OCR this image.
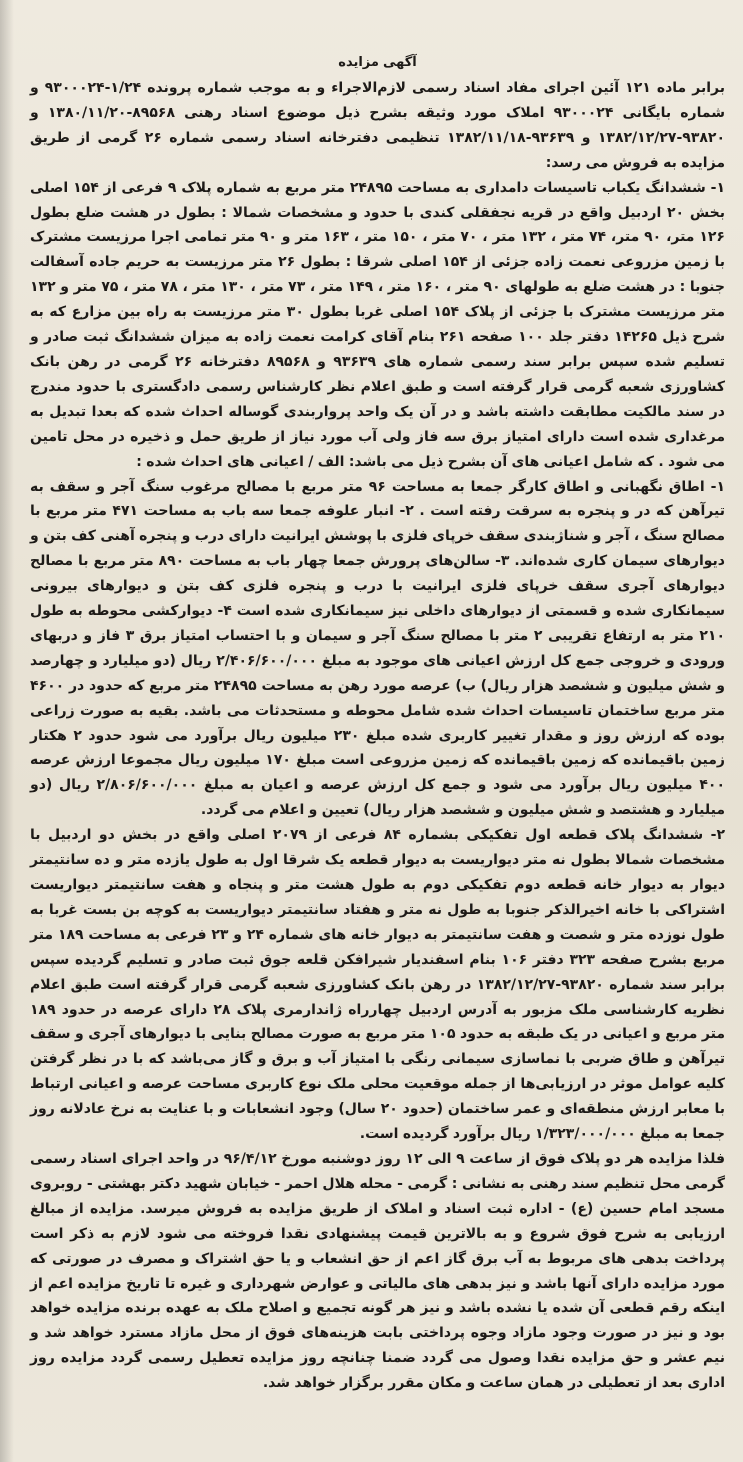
آگهی مزایده

برابر ماده ۱۲۱ آئین اجرای مفاد اسناد رسمی لازم‌الاجراء و به موجب شماره پرونده ۱/۲۴-۹۳۰۰۰۲۴ و شماره بایگانی ۹۳۰۰۰۲۴ املاک مورد وثیقه بشرح ذیل موضوع اسناد رهنی ۸۹۵۶۸-۱۳۸۰/۱۱/۲۰ و ۹۳۸۲۰-۱۳۸۲/۱۲/۲۷ و ۹۳۶۳۹-۱۳۸۲/۱۱/۱۸ تنظیمی دفترخانه اسناد رسمی شماره ۲۶ گرمی از طریق مزایده به فروش می رسد:

۱- ششدانگ یکباب تاسیسات دامداری به مساحت ۲۴۸۹۵ متر مربع به شماره پلاک ۹ فرعی از ۱۵۴ اصلی بخش ۲۰ اردبیل واقع در قریه نجفقلی کندی با حدود و مشخصات شمالا : بطول در هشت ضلع بطول ۱۲۶ متر، ۹۰ متر، ۷۴ متر ، ۱۳۲ متر ، ۷۰ متر ، ۱۵۰ متر ، ۱۶۳ متر و ۹۰ متر تمامی اجرا مرزیست مشترک با زمین مزروعی نعمت زاده جزئی از ۱۵۴ اصلی شرقا : بطول ۲۶ متر مرزیست به حریم جاده آسفالت جنوبا : در هشت ضلع به طولهای ۹۰ متر ، ۱۶۰ متر ، ۱۴۹ متر ، ۷۳ متر ، ۱۳۰ متر ، ۷۸ متر ، ۷۵ متر و ۱۳۲ متر مرزیست مشترک با جزئی از پلاک ۱۵۴ اصلی غربا بطول ۳۰ متر مرزیست به راه بین مزارع که به شرح ذیل ۱۴۲۶۵ دفتر جلد ۱۰۰ صفحه ۲۶۱ بنام آقای کرامت نعمت زاده به میزان ششدانگ ثبت صادر و تسلیم شده سپس برابر سند رسمی شماره های ۹۳۶۳۹ و ۸۹۵۶۸ دفترخانه ۲۶ گرمی در رهن بانک کشاورزی شعبه گرمی قرار گرفته است و طبق اعلام نظر کارشناس رسمی دادگستری با حدود مندرج در سند مالکیت مطابقت داشته باشد و در آن یک واحد پرواربندی گوساله احداث شده که بعدا تبدیل به مرغداری شده است دارای امتیاز برق سه فاز ولی آب مورد نیاز از طریق حمل و ذخیره در محل تامین می شود . که شامل اعیانی های آن بشرح ذیل می باشد: الف / اعیانی های احداث شده :

۱- اطاق نگهبانی و اطاق کارگر جمعا به مساحت ۹۶ متر مربع با مصالح مرغوب سنگ آجر و سقف به تیرآهن که در و پنجره به سرقت رفته است . ۲- انبار علوفه جمعا سه باب به مساحت ۴۷۱ متر مربع با مصالح سنگ ، آجر و شناژبندی سقف خرپای فلزی با پوشش ایرانیت دارای درب و پنجره آهنی کف بتن و دیوارهای سیمان کاری شده‌اند. ۳- سالن‌های پرورش جمعا چهار باب به مساحت ۸۹۰ متر مربع با مصالح دیوارهای آجری سقف خرپای فلزی ایرانیت با درب و پنجره فلزی کف بتن و دیوارهای بیرونی سیمانکاری شده و قسمتی از دیوارهای داخلی نیز سیمانکاری شده است ۴- دیوارکشی محوطه به طول ۲۱۰ متر به ارتفاع تقریبی ۲ متر با مصالح سنگ آجر و سیمان و با احتساب امتیاز برق ۳ فاز و دربهای ورودی و خروجی جمع کل ارزش اعیانی های موجود به مبلغ ۲/۴۰۶/۶۰۰/۰۰۰ ریال (دو میلیارد و چهارصد و شش میلیون و ششصد هزار ریال) ب) عرصه مورد رهن به مساحت ۲۴۸۹۵ متر مربع که حدود در ۴۶۰۰ متر مربع ساختمان تاسیسات احداث شده شامل محوطه و مستحدثات می باشد. بقیه به صورت زراعی بوده که ارزش روز و مقدار تغییر کاربری شده مبلغ ۲۳۰ میلیون ریال برآورد می شود حدود ۲ هکتار زمین باقیمانده که زمین باقیمانده که زمین مزروعی است مبلغ ۱۷۰ میلیون ریال مجموعا ارزش عرصه ۴۰۰ میلیون ریال برآورد می شود و جمع کل ارزش عرصه و اعیان به مبلغ ۲/۸۰۶/۶۰۰/۰۰۰ ریال (دو میلیارد و هشتصد و شش میلیون و ششصد هزار ریال) تعیین و اعلام می گردد.

۲- ششدانگ پلاک قطعه اول تفکیکی بشماره ۸۴ فرعی از ۲۰۷۹ اصلی واقع در بخش دو اردبیل با مشخصات شمالا بطول نه متر دیواریست به دیوار قطعه یک شرقا اول به طول یازده متر و ده سانتیمتر دیوار به دیوار خانه قطعه دوم تفکیکی دوم به طول هشت متر و پنجاه و هفت سانتیمتر دیواریست اشتراکی با خانه اخیرالذکر جنوبا به طول نه متر و هفتاد سانتیمتر دیواریست به کوچه بن بست غربا به طول نوزده متر و شصت و هفت سانتیمتر به دیوار خانه های شماره ۲۴ و ۲۳ فرعی به مساحت ۱۸۹ متر مربع بشرح صفحه ۳۲۳ دفتر ۱۰۶ بنام اسفندیار شیرافکن قلعه جوق ثبت صادر و تسلیم گردیده سپس برابر سند شماره ۹۳۸۲۰-۱۳۸۲/۱۲/۲۷ در رهن بانک کشاورزی شعبه گرمی قرار گرفته است طبق اعلام نظریه کارشناسی ملک مزبور به آدرس اردبیل چهارراه ژاندارمری پلاک ۲۸ دارای عرصه در حدود ۱۸۹ متر مربع و اعیانی در یک طبقه به حدود ۱۰۵ متر مربع به صورت مصالح بنایی با دیوارهای آجری و سقف تیرآهن و طاق ضربی با نماسازی سیمانی رنگی با امتیاز آب و برق و گاز می‌باشد که با در نظر گرفتن کلیه عوامل موثر در ارزیابی‌ها از جمله موقعیت محلی ملک نوع کاربری مساحت عرصه و اعیانی ارتباط با معابر ارزش منطقه‌ای و عمر ساختمان (حدود ۲۰ سال) وجود انشعابات و با عنایت به نرخ عادلانه روز جمعا به مبلغ ۱/۳۲۳/۰۰۰/۰۰۰ ریال برآورد گردیده است.

فلذا مزایده هر دو پلاک فوق از ساعت ۹ الی ۱۲ روز دوشنبه مورخ ۹۶/۴/۱۲ در واحد اجرای اسناد رسمی گرمی محل تنظیم سند رهنی به نشانی : گرمی - محله هلال احمر - خیابان شهید دکتر بهشتی - روبروی مسجد امام حسین (ع) - اداره ثبت اسناد و املاک از طریق مزایده به فروش میرسد. مزایده از مبالغ ارزیابی به شرح فوق شروع و به بالاترین قیمت پیشنهادی نقدا فروخته می شود لازم به ذکر است پرداخت بدهی های مربوط به آب برق گاز اعم از حق انشعاب و یا حق اشتراک و مصرف در صورتی که مورد مزایده دارای آنها باشد و نیز بدهی های مالیاتی و عوارض شهرداری و غیره تا تاریخ مزایده اعم از اینکه رقم قطعی آن شده یا نشده باشد و نیز هر گونه تجمیع و اصلاح ملک به عهده برنده مزایده خواهد بود و نیز در صورت وجود مازاد وجوه پرداختی بابت هزینه‌های فوق از محل مازاد مسترد خواهد شد و نیم عشر و حق مزایده نقدا وصول می گردد ضمنا چنانچه روز مزایده تعطیل رسمی گردد مزایده روز اداری بعد از تعطیلی در همان ساعت و مکان مقرر برگزار خواهد شد.
